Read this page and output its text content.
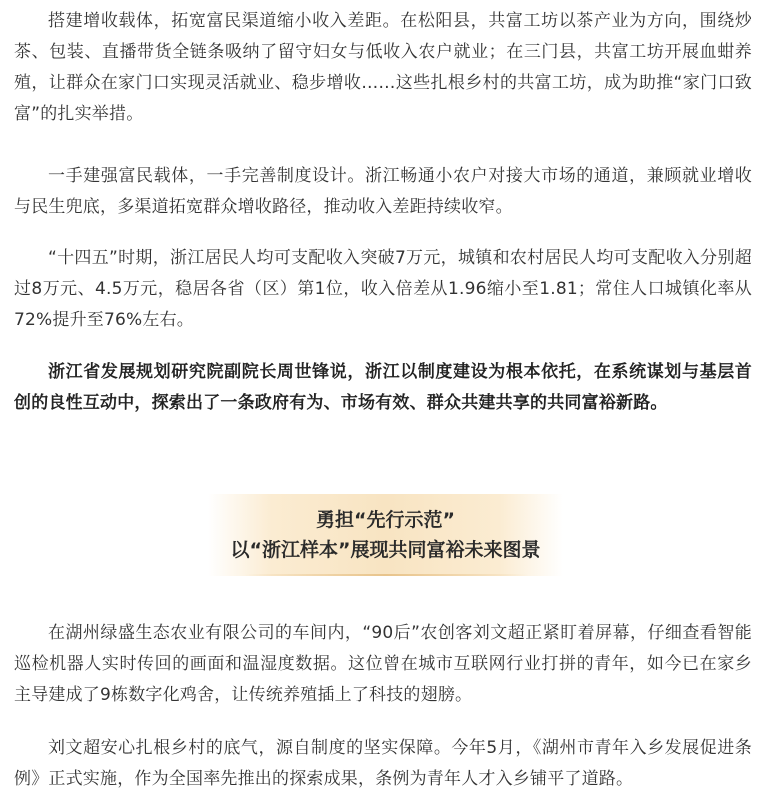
搭建增收载体，拓宽富民渠道缩小收入差距。在松阳县，共富工坊以茶产业为方向，围绕炒茶、包装、直播带货全链条吸纳了留守妇女与低收入农户就业；在三门县，共富工坊开展血蚶养殖，让群众在家门口实现灵活就业、稳步增收……这些扎根乡村的共富工坊，成为助推“家门口致富”的扎实举措。

一手建强富民载体，一手完善制度设计。浙江畅通小农户对接大市场的通道，兼顾就业增收与民生兜底，多渠道拓宽群众增收路径，推动收入差距持续收窄。

“十四五”时期，浙江居民人均可支配收入突破7万元，城镇和农村居民人均可支配收入分别超过8万元、4.5万元，稳居各省（区）第1位，收入倍差从1.96缩小至1.81；常住人口城镇化率从72%提升至76%左右。

浙江省发展规划研究院副院长周世锋说，浙江以制度建设为根本依托，在系统谋划与基层首创的良性互动中，探索出了一条政府有为、市场有效、群众共建共享的共同富裕新路。

勇担“先行示范”
以“浙江样本”展现共同富裕未来图景

在湖州绿盛生态农业有限公司的车间内，“90后”农创客刘文超正紧盯着屏幕，仔细查看智能巡检机器人实时传回的画面和温湿度数据。这位曾在城市互联网行业打拼的青年，如今已在家乡主导建成了9栋数字化鸡舍，让传统养殖插上了科技的翅膀。

刘文超安心扎根乡村的底气，源自制度的坚实保障。今年5月，《湖州市青年入乡发展促进条例》正式实施，作为全国率先推出的探索成果，条例为青年人才入乡铺平了道路。
